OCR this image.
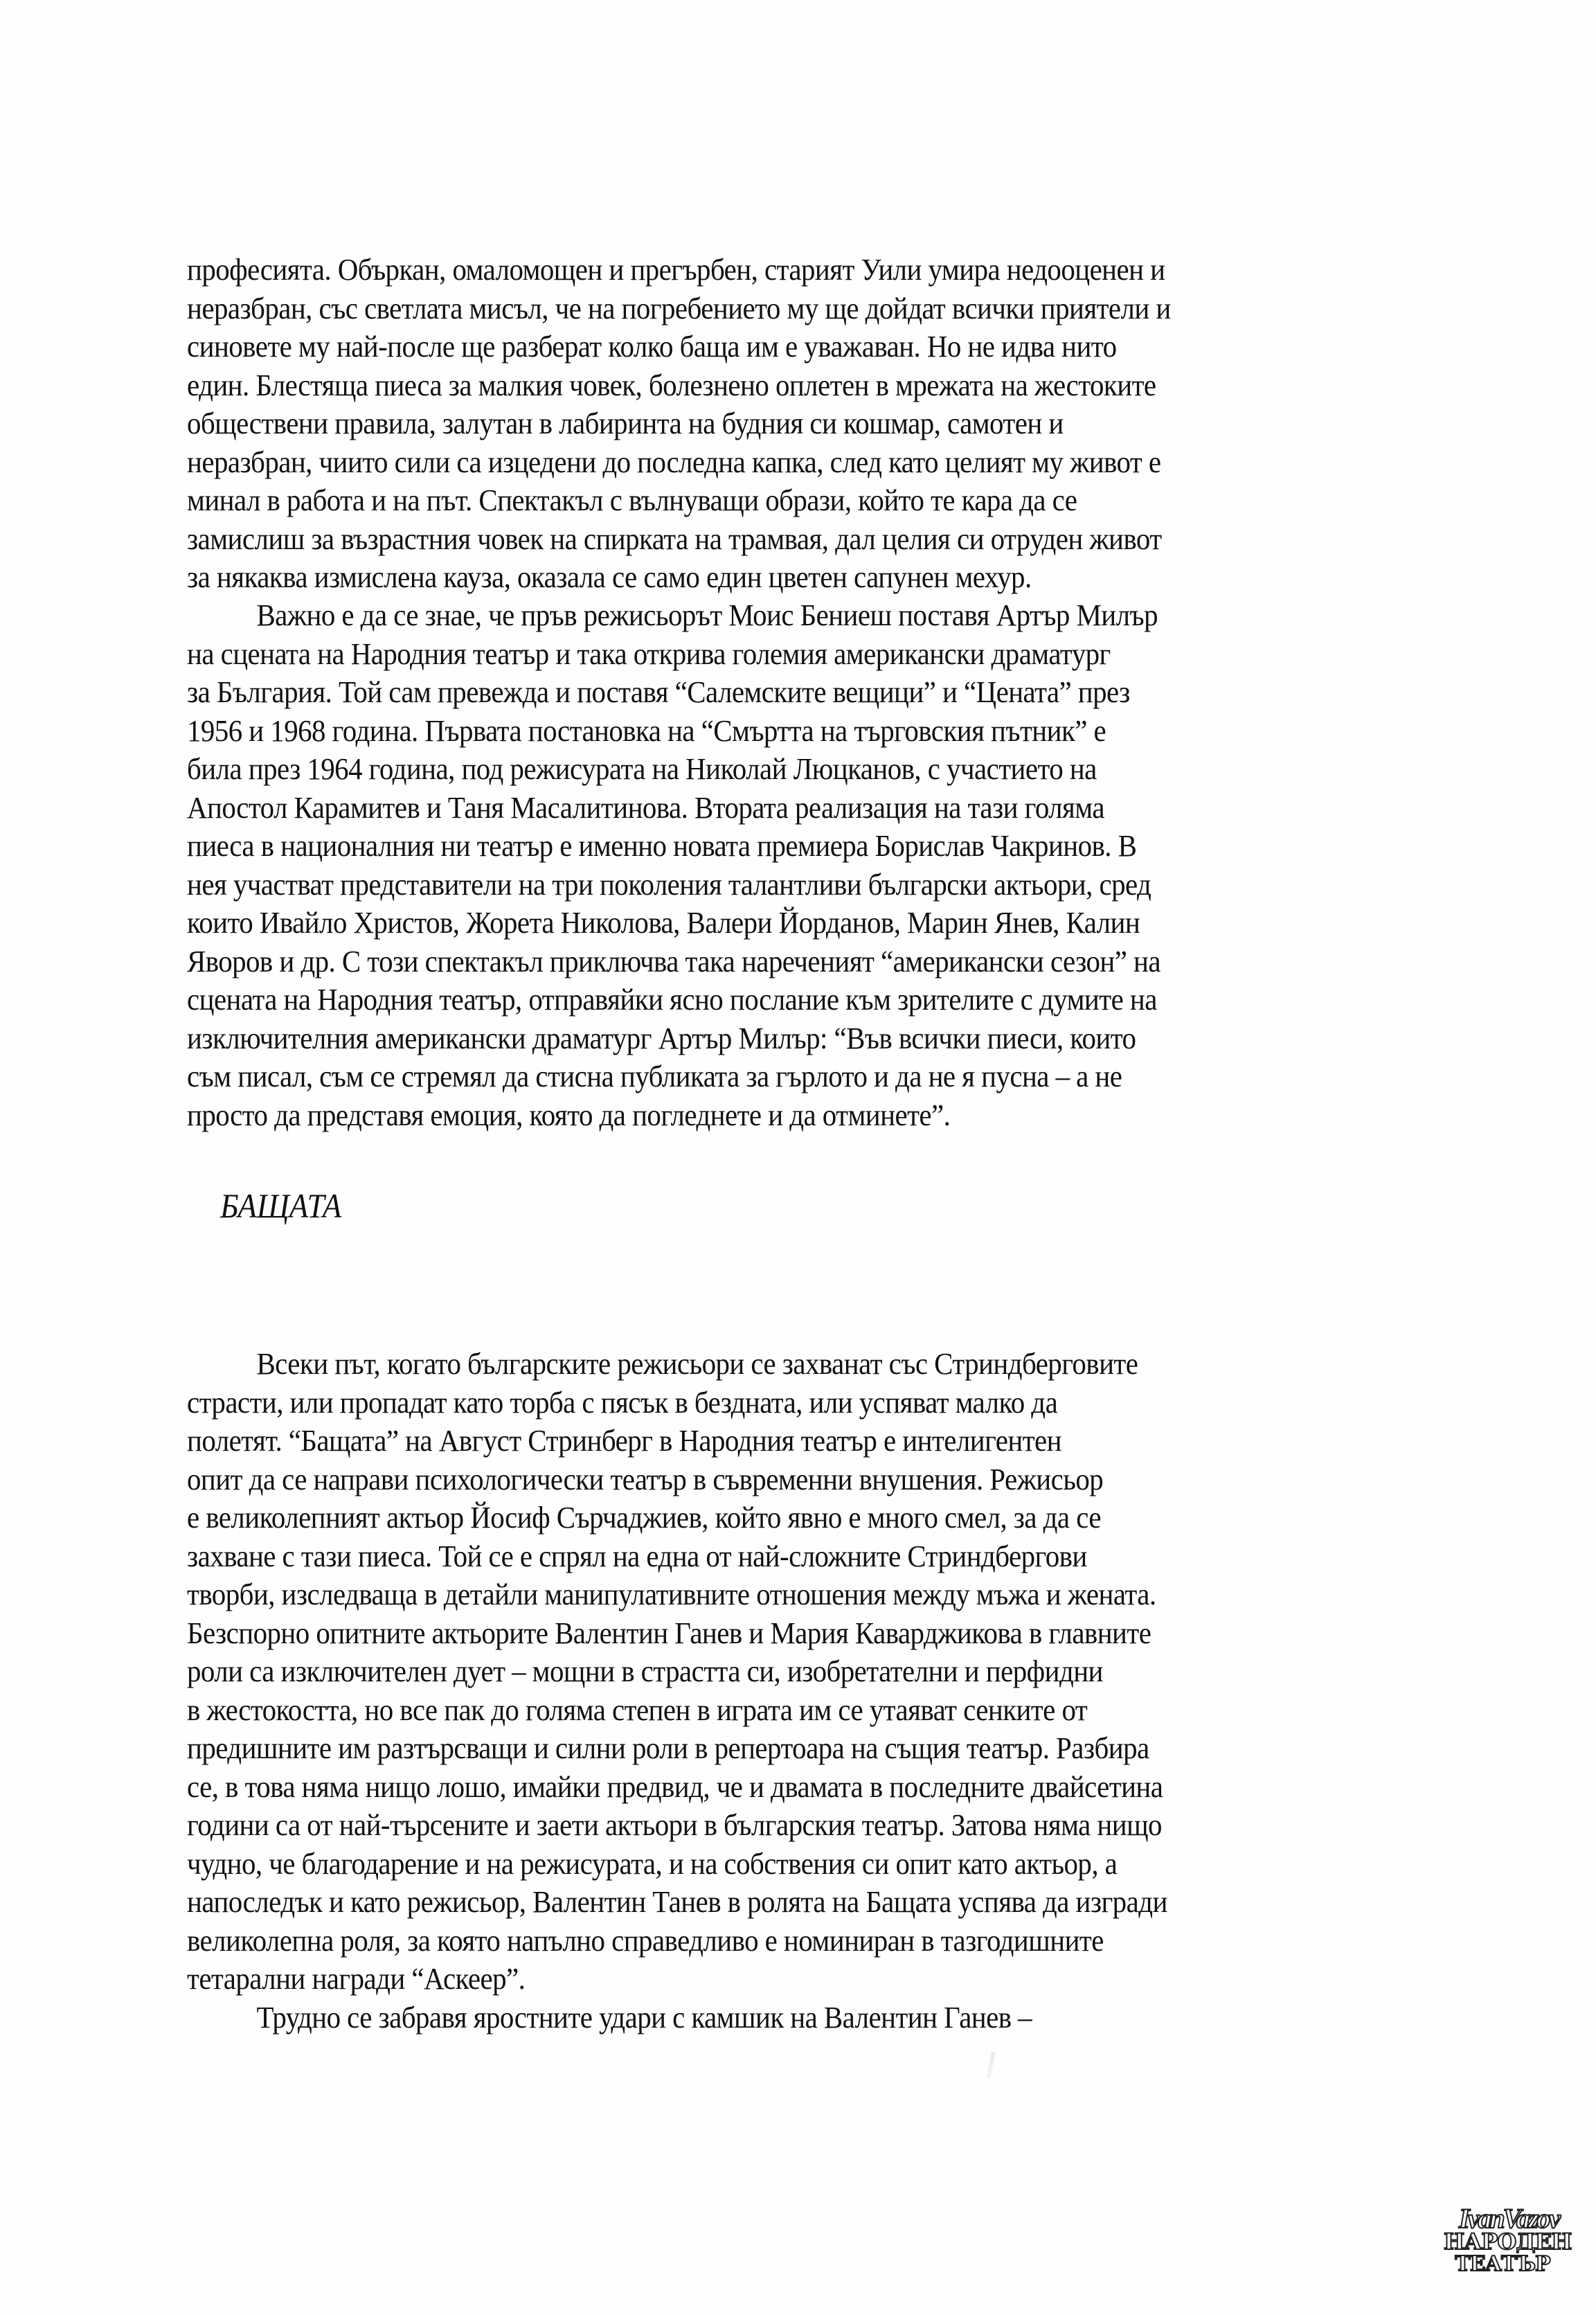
професията. Объркан, омаломощен и прегърбен, старият Уили умира недооценен и
неразбран, със светлата мисъл, че на погребението му ще дойдат всички приятели и
синовете му най-после ще разберат колко баща им е уважаван. Но не идва нито
един. Блестяща пиеса за малкия човек, болезнено оплетен в мрежата на жестоките
обществени правила, залутан в лабиринта на будния си кошмар, самотен и
неразбран, чиито сили са изцедени до последна капка, след като целият му живот е
минал в работа и на път. Спектакъл с вълнуващи образи, който те кара да се
замислиш за възрастния човек на спирката на трамвая, дал целия си отруден живот
за някаква измислена кауза, оказала се само един цветен сапунен мехур.
Важно е да се знае, че пръв режисьорът Моис Бениеш поставя Артър Милър
на сцената на Народния театър и така открива големия американски драматург
за България. Той сам превежда и поставя “Салемските вещици” и “Цената” през
1956 и 1968 година. Първата постановка на “Смъртта на търговския пътник” е
била през 1964 година, под режисурата на Николай Люцканов, с участието на
Апостол Карамитев и Таня Масалитинова. Втората реализация на тази голяма
пиеса в националния ни театър е именно новата премиера Борислав Чакринов. В
нея участват представители на три поколения талантливи български актьори, сред
които Ивайло Христов, Жорета Николова, Валери Йорданов, Марин Янев, Калин
Яворов и др. С този спектакъл приключва така нареченият “американски сезон” на
сцената на Народния театър, отправяйки ясно послание към зрителите с думите на
изключителния американски драматург Артър Милър: “Във всички пиеси, които
съм писал, съм се стремял да стисна публиката за гърлото и да не я пусна – а не
просто да представя емоция, която да погледнете и да отминете”.
БАЩАТА
Всеки път, когато българските режисьори се захванат със Стриндберговите
страсти, или пропадат като торба с пясък в бездната, или успяват малко да
полетят. “Бащата” на Август Стринберг в Народния театър е интелигентен
опит да се направи психологически театър в съвременни внушения. Режисьор
е великолепният актьор Йосиф Сърчаджиев, който явно е много смел, за да се
захване с тази пиеса. Той се е спрял на една от най-сложните Стриндбергови
творби, изследваща в детайли манипулативните отношения между мъжа и жената.
Безспорно опитните актьорите Валентин Ганев и Мария Каварджикова в главните
роли са изключителен дует – мощни в страстта си, изобретателни и перфидни
в жестокостта, но все пак до голяма степен в играта им се утаяват сенките от
предишните им разтърсващи и силни роли в репертоара на същия театър. Разбира
се, в това няма нищо лошо, имайки предвид, че и двамата в последните двайсетина
години са от най-търсените и заети актьори в българския театър. Затова няма нищо
чудно, че благодарение и на режисурата, и на собствения си опит като актьор, а
напоследък и като режисьор, Валентин Танев в ролята на Бащата успява да изгради
великолепна роля, за която напълно справедливо е номиниран в тазгодишните
тетарални награди “Аскеер”.
Трудно се забравя яростните удари с камшик на Валентин Ганев –
IvanVazov
НАРОДЕН
ТЕАТЪР
